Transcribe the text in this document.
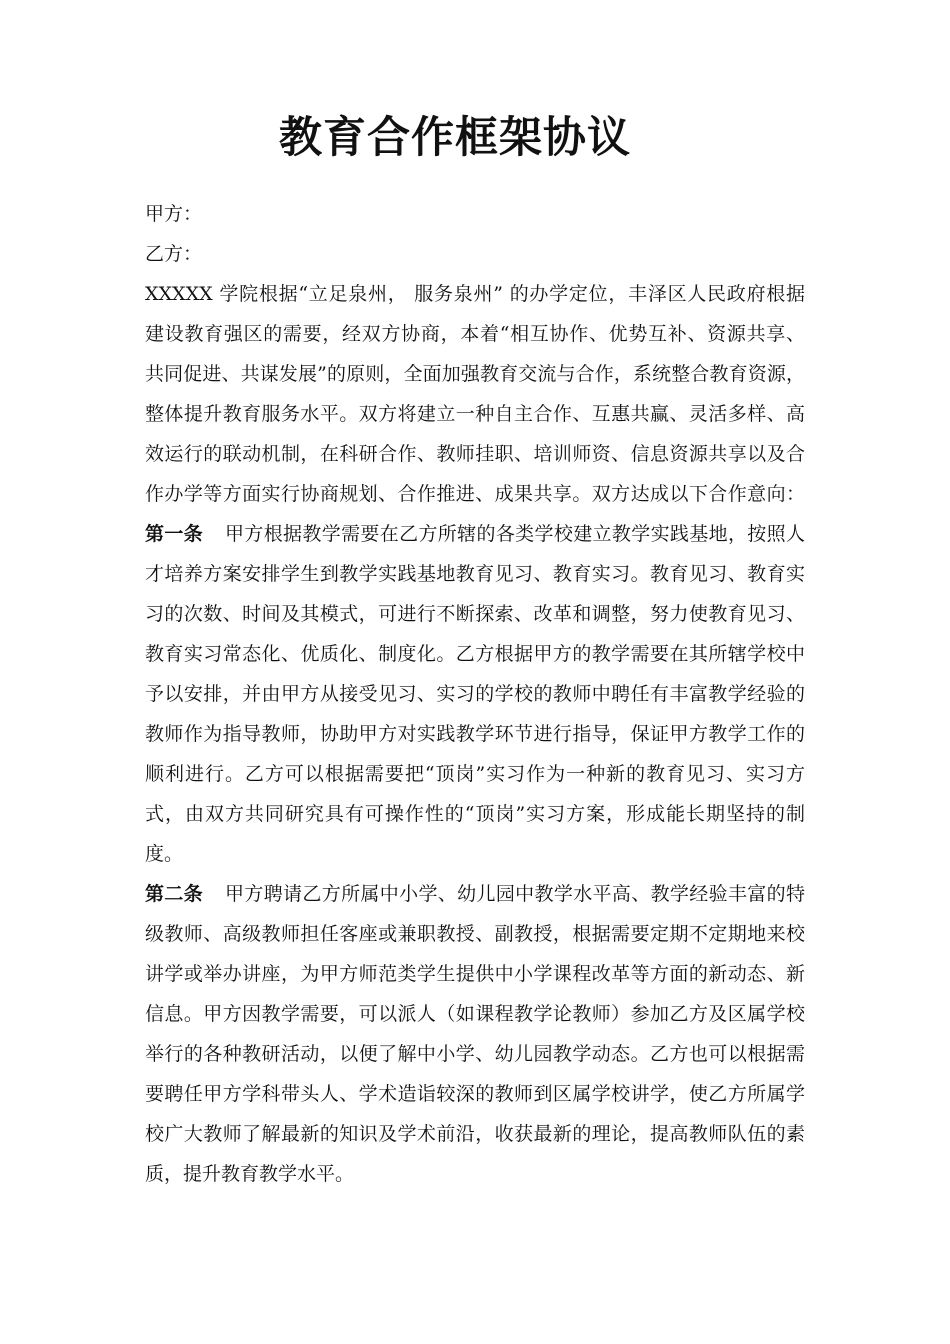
教育合作框架协议
甲方：
乙方：
XXXXX 学院根据“立足泉州， 服务泉州” 的办学定位，丰泽区人民政府根据
建设教育强区的需要，经双方协商，本着“相互协作、优势互补、资源共享、
共同促进、共谋发展”的原则，全面加强教育交流与合作，系统整合教育资源，
整体提升教育服务水平。双方将建立一种自主合作、互惠共赢、灵活多样、高
效运行的联动机制，在科研合作、教师挂职、培训师资、信息资源共享以及合
作办学等方面实行协商规划、合作推进、成果共享。双方达成以下合作意向：
第一条 甲方根据教学需要在乙方所辖的各类学校建立教学实践基地，按照人
才培养方案安排学生到教学实践基地教育见习、教育实习。教育见习、教育实
习的次数、时间及其模式，可进行不断探索、改革和调整，努力使教育见习、
教育实习常态化、优质化、制度化。乙方根据甲方的教学需要在其所辖学校中
予以安排，并由甲方从接受见习、实习的学校的教师中聘任有丰富教学经验的
教师作为指导教师，协助甲方对实践教学环节进行指导，保证甲方教学工作的
顺利进行。乙方可以根据需要把“顶岗”实习作为一种新的教育见习、实习方
式，由双方共同研究具有可操作性的“顶岗”实习方案，形成能长期坚持的制
度。
第二条 甲方聘请乙方所属中小学、幼儿园中教学水平高、教学经验丰富的特
级教师、高级教师担任客座或兼职教授、副教授，根据需要定期不定期地来校
讲学或举办讲座，为甲方师范类学生提供中小学课程改革等方面的新动态、新
信息。甲方因教学需要，可以派人（如课程教学论教师）参加乙方及区属学校
举行的各种教研活动，以便了解中小学、幼儿园教学动态。乙方也可以根据需
要聘任甲方学科带头人、学术造诣较深的教师到区属学校讲学，使乙方所属学
校广大教师了解最新的知识及学术前沿，收获最新的理论，提高教师队伍的素
质，提升教育教学水平。
